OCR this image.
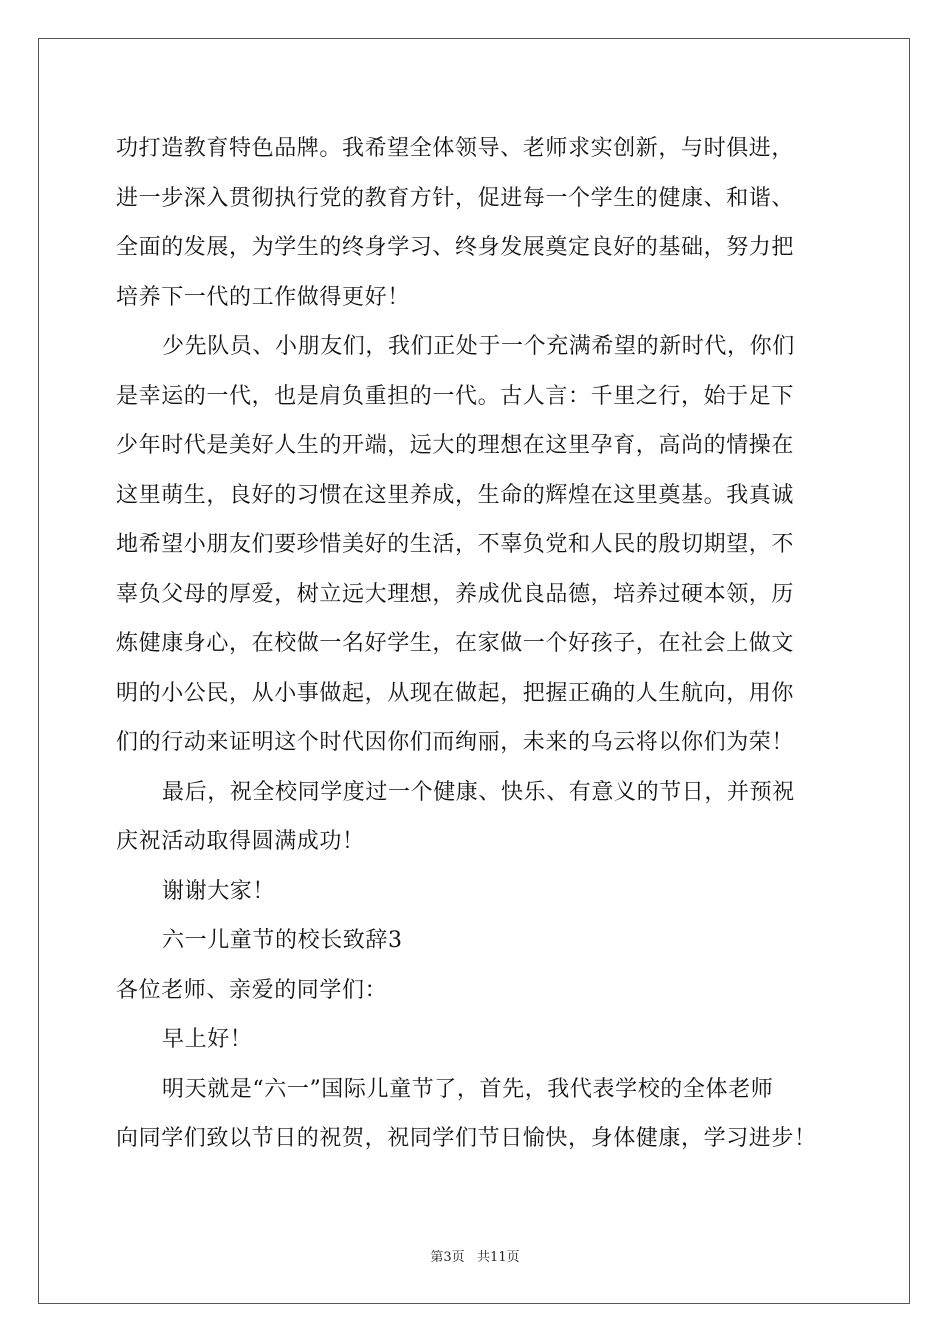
功打造教育特色品牌。我希望全体领导、老师求实创新，与时俱进，
进一步深入贯彻执行党的教育方针，促进每一个学生的健康、和谐、
全面的发展，为学生的终身学习、终身发展奠定良好的基础，努力把
培养下一代的工作做得更好！
少先队员、小朋友们，我们正处于一个充满希望的新时代，你们
是幸运的一代，也是肩负重担的一代。古人言：千里之行，始于足下
少年时代是美好人生的开端，远大的理想在这里孕育，高尚的情操在
这里萌生，良好的习惯在这里养成，生命的辉煌在这里奠基。我真诚
地希望小朋友们要珍惜美好的生活，不辜负党和人民的殷切期望，不
辜负父母的厚爱，树立远大理想，养成优良品德，培养过硬本领，历
炼健康身心，在校做一名好学生，在家做一个好孩子，在社会上做文
明的小公民，从小事做起，从现在做起，把握正确的人生航向，用你
们的行动来证明这个时代因你们而绚丽，未来的乌云将以你们为荣！
最后，祝全校同学度过一个健康、快乐、有意义的节日，并预祝
庆祝活动取得圆满成功！
谢谢大家！
六一儿童节的校长致辞3
各位老师、亲爱的同学们：
早上好！
明天就是“六一”国际儿童节了，首先，我代表学校的全体老师
向同学们致以节日的祝贺，祝同学们节日愉快，身体健康，学习进步！
第3页   共11页
